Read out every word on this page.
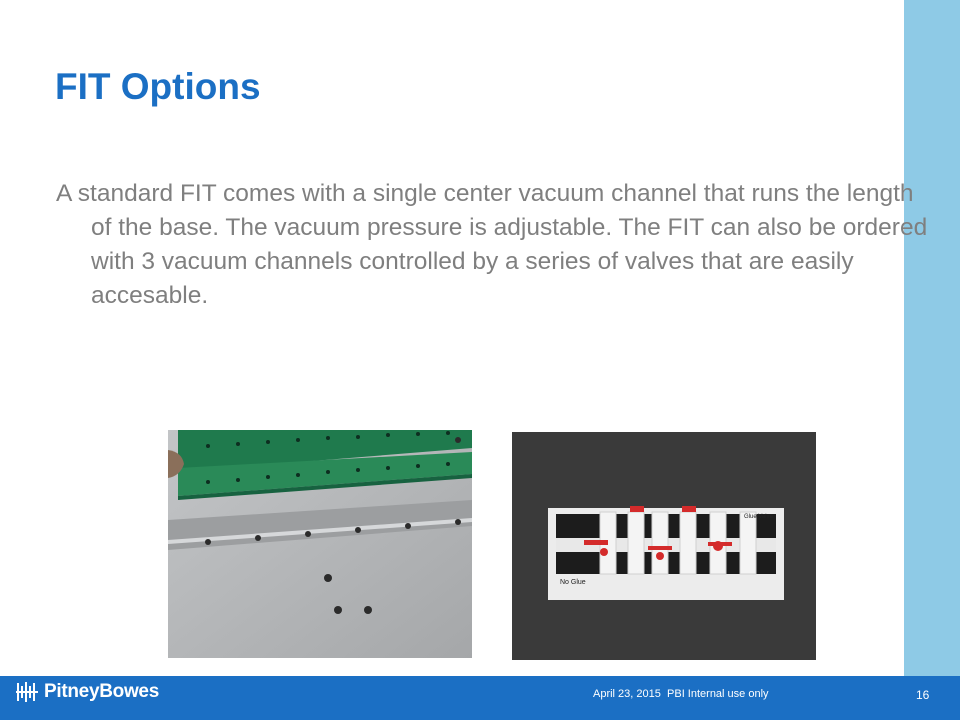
FIT Options

A standard FIT comes with a single center vacuum channel that runs the length of the base. The vacuum pressure is adjustable. The FIT can also be ordered with 3 vacuum channels controlled by a series of valves that are easily accesable.

No Glue
Glue Valve
PitneyBowes	April 23, 2015 PBI Internal use only	16
